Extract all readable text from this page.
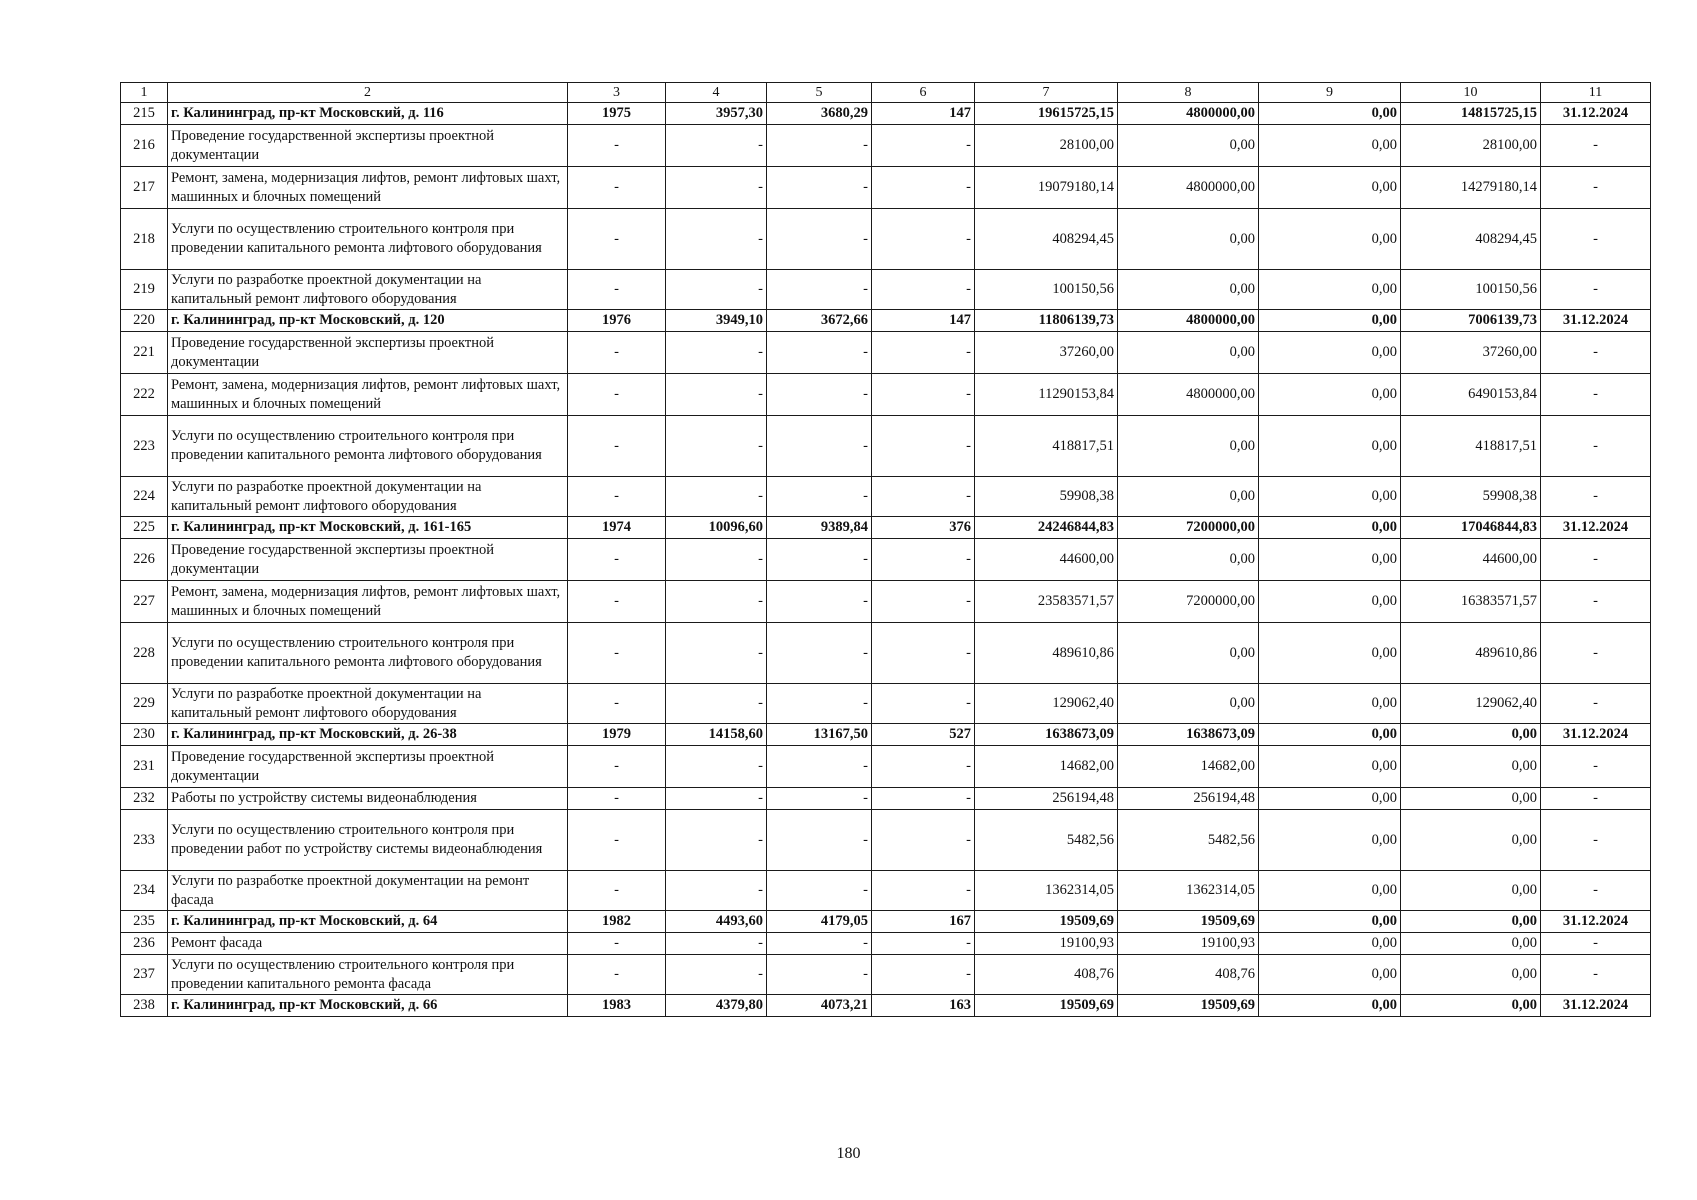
1	2	3	4	5	6	7	8	9	10	11
215	г. Калининград, пр-кт Московский, д. 116	1975	3957,30	3680,29	147	19615725,15	4800000,00	0,00	14815725,15	31.12.2024
216	Проведение государственной экспертизы проектной документации	-	-	-	-	28100,00	0,00	0,00	28100,00	-
217	Ремонт, замена, модернизация лифтов, ремонт лифтовых шахт, машинных и блочных помещений	-	-	-	-	19079180,14	4800000,00	0,00	14279180,14	-
218	Услуги по осуществлению строительного контроля при проведении капитального ремонта лифтового оборудования	-	-	-	-	408294,45	0,00	0,00	408294,45	-
219	Услуги по разработке проектной документации на капитальный ремонт лифтового оборудования	-	-	-	-	100150,56	0,00	0,00	100150,56	-
220	г. Калининград, пр-кт Московский, д. 120	1976	3949,10	3672,66	147	11806139,73	4800000,00	0,00	7006139,73	31.12.2024
221	Проведение государственной экспертизы проектной документации	-	-	-	-	37260,00	0,00	0,00	37260,00	-
222	Ремонт, замена, модернизация лифтов, ремонт лифтовых шахт, машинных и блочных помещений	-	-	-	-	11290153,84	4800000,00	0,00	6490153,84	-
223	Услуги по осуществлению строительного контроля при проведении капитального ремонта лифтового оборудования	-	-	-	-	418817,51	0,00	0,00	418817,51	-
224	Услуги по разработке проектной документации на капитальный ремонт лифтового оборудования	-	-	-	-	59908,38	0,00	0,00	59908,38	-
225	г. Калининград, пр-кт Московский, д. 161-165	1974	10096,60	9389,84	376	24246844,83	7200000,00	0,00	17046844,83	31.12.2024
226	Проведение государственной экспертизы проектной документации	-	-	-	-	44600,00	0,00	0,00	44600,00	-
227	Ремонт, замена, модернизация лифтов, ремонт лифтовых шахт, машинных и блочных помещений	-	-	-	-	23583571,57	7200000,00	0,00	16383571,57	-
228	Услуги по осуществлению строительного контроля при проведении капитального ремонта лифтового оборудования	-	-	-	-	489610,86	0,00	0,00	489610,86	-
229	Услуги по разработке проектной документации на капитальный ремонт лифтового оборудования	-	-	-	-	129062,40	0,00	0,00	129062,40	-
230	г. Калининград, пр-кт Московский, д. 26-38	1979	14158,60	13167,50	527	1638673,09	1638673,09	0,00	0,00	31.12.2024
231	Проведение государственной экспертизы проектной документации	-	-	-	-	14682,00	14682,00	0,00	0,00	-
232	Работы по устройству системы видеонаблюдения	-	-	-	-	256194,48	256194,48	0,00	0,00	-
233	Услуги по осуществлению строительного контроля при проведении работ по устройству системы видеонаблюдения	-	-	-	-	5482,56	5482,56	0,00	0,00	-
234	Услуги по разработке проектной документации на ремонт фасада	-	-	-	-	1362314,05	1362314,05	0,00	0,00	-
235	г. Калининград, пр-кт Московский, д. 64	1982	4493,60	4179,05	167	19509,69	19509,69	0,00	0,00	31.12.2024
236	Ремонт фасада	-	-	-	-	19100,93	19100,93	0,00	0,00	-
237	Услуги по осуществлению строительного контроля при проведении капитального ремонта фасада	-	-	-	-	408,76	408,76	0,00	0,00	-
238	г. Калининград, пр-кт Московский, д. 66	1983	4379,80	4073,21	163	19509,69	19509,69	0,00	0,00	31.12.2024
180
